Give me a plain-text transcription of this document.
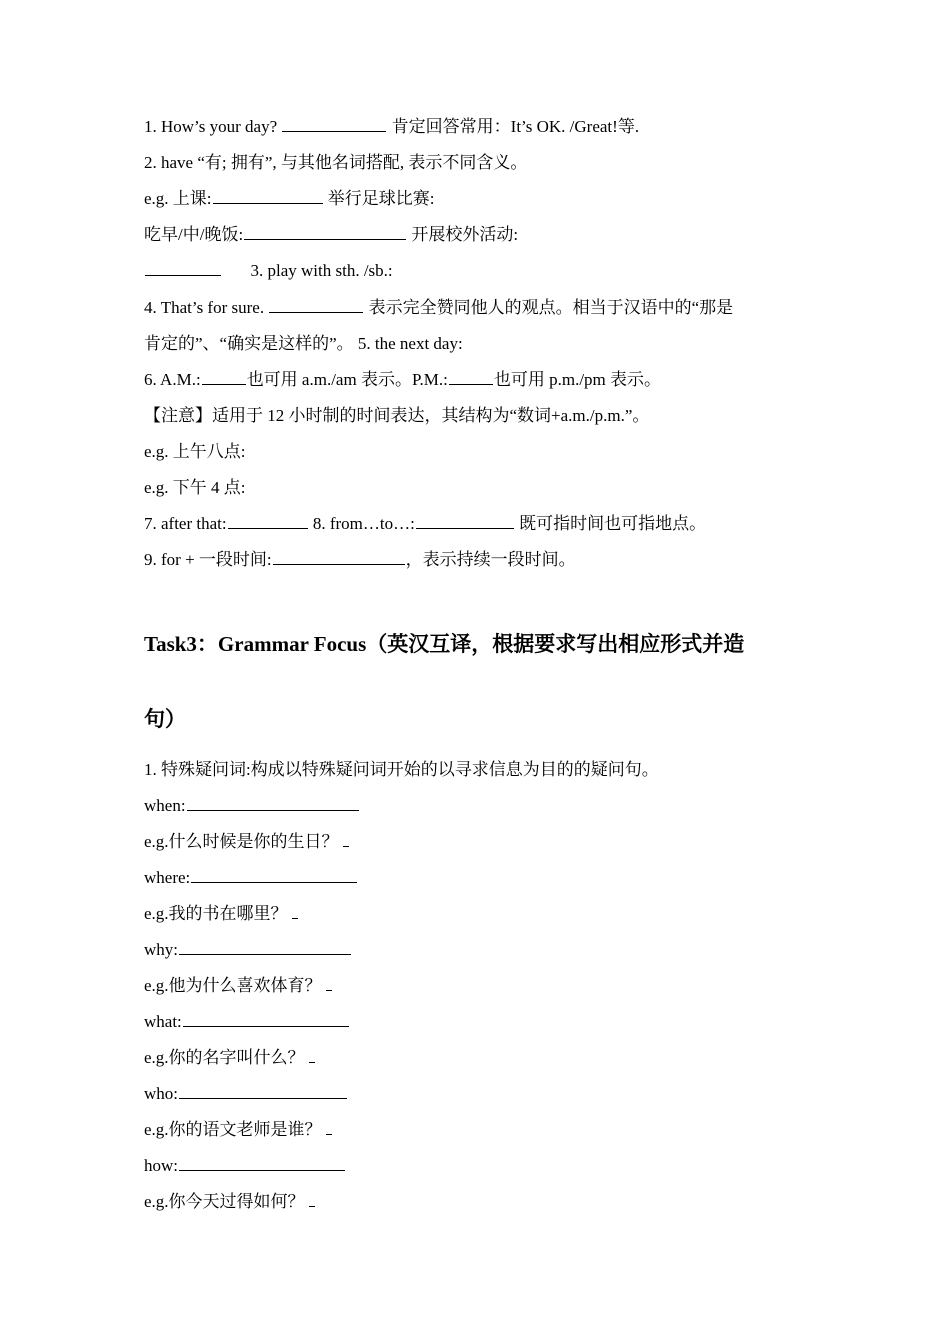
1. How’s your day?	肯定回答常用：It’s OK. /Great!等.
2. have “有; 拥有”, 与其他名词搭配, 表示不同含义。
e.g. 上课:	举行足球比赛:
吃早/中/晚饭:	开展校外活动:
3. play with sth. /sb.:
4. That’s for sure.	表示完全赞同他人的观点。相当于汉语中的“那是
肯定的”、“确实是这样的”。 5. the next day:
6. A.M.:	也可用 a.m./am 表示。P.M.:	也可用 p.m./pm 表示。
【注意】适用于 12 小时制的时间表达，其结构为“数词+a.m./p.m.”。
e.g. 上午八点:
e.g. 下午 4 点:
7. after that:	8. from…to…:	既可指时间也可指地点。
9. for + 一段时间:	，表示持续一段时间。
Task3：Grammar Focus（英汉互译，根据要求写出相应形式并造
句）
1. 特殊疑问词:构成以特殊疑问词开始的以寻求信息为目的的疑问句。
when:
e.g.什么时候是你的生日？
where:
e.g.我的书在哪里？
why:
e.g.他为什么喜欢体育？
what:
e.g.你的名字叫什么？
who:
e.g.你的语文老师是谁？
how:
e.g.你今天过得如何？
